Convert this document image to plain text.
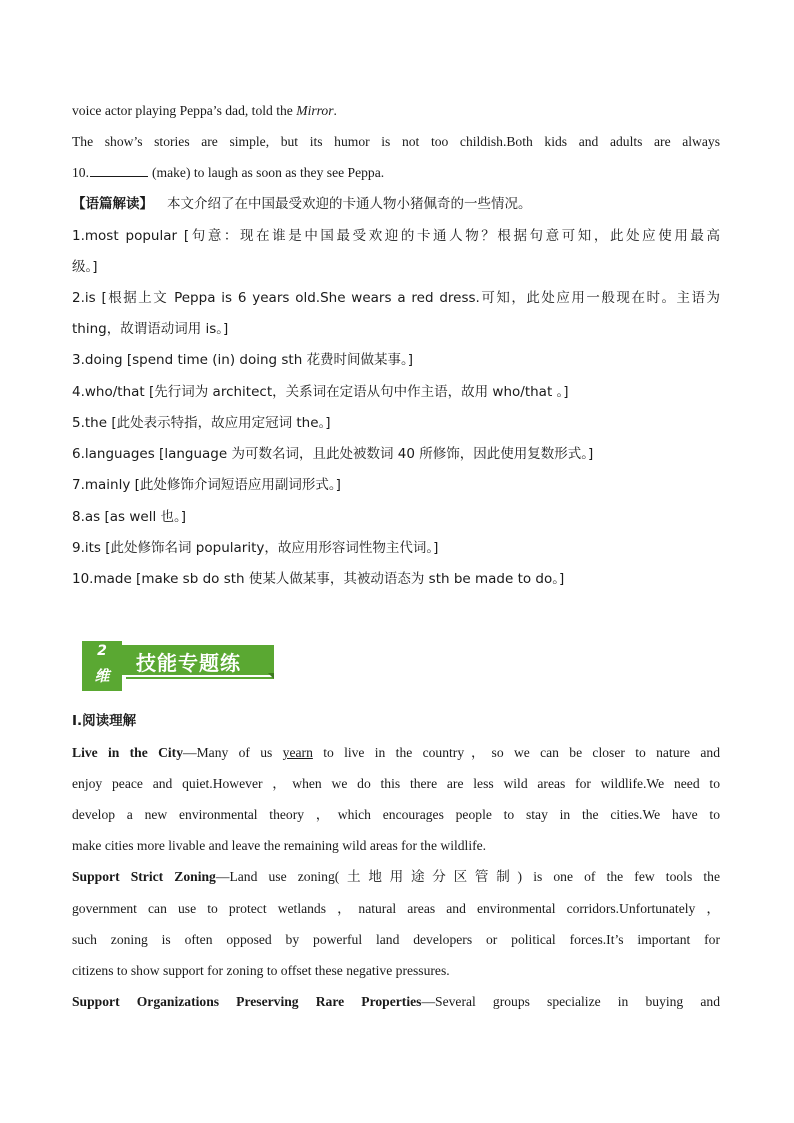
voice actor playing Peppa’s dad, told the Mirror.
The show’s stories are simple, but its humor is not too childish.Both kids and adults are always
10.	(make) to laugh as soon as they see Peppa.
【语篇解读】 本文介绍了在中国最受欢迎的卡通人物小猪佩奇的一些情况。
1.most popular [句意：现在谁是中国最受欢迎的卡通人物？根据句意可知，此处应使用最高
级。]
2.is [根据上文 Peppa is 6 years old.She wears a red dress.可知，此处应用一般现在时。主语为
thing，故谓语动词用 is。]
3.doing [spend time (in) doing sth 花费时间做某事。]
4.who/that [先行词为 architect，关系词在定语从句中作主语，故用 who/that 。]
5.the [此处表示特指，故应用定冠词 the。]
6.languages [language 为可数名词，且此处被数词 40 所修饰，因此使用复数形式。]
7.mainly [此处修饰介词短语应用副词形式。]
8.as [as well 也。]
9.its [此处修饰名词 popularity，故应用形容词性物主代词。]
10.made [make sb do sth 使某人做某事，其被动语态为 sth be made to do。]
2
维
技能专题练
Ⅰ.阅读理解
Live in the City—Many of us yearn to live in the country，so we can be closer to nature and
enjoy peace and quiet.However ，when we do this there are less wild areas for wildlife.We need to
develop a new environmental theory ，which encourages people to stay in the cities.We have to
make cities more livable and leave the remaining wild areas for the wildlife.
Support Strict Zoning—Land use zoning(土地用途分区管制) is one of the few tools the
government can use to protect wetlands ，natural areas and environmental corridors.Unfortunately ，
such zoning is often opposed by powerful land developers or political forces.It’s important for
citizens to show support for zoning to offset these negative pressures.
Support Organizations Preserving Rare Properties—Several groups specialize in buying and
